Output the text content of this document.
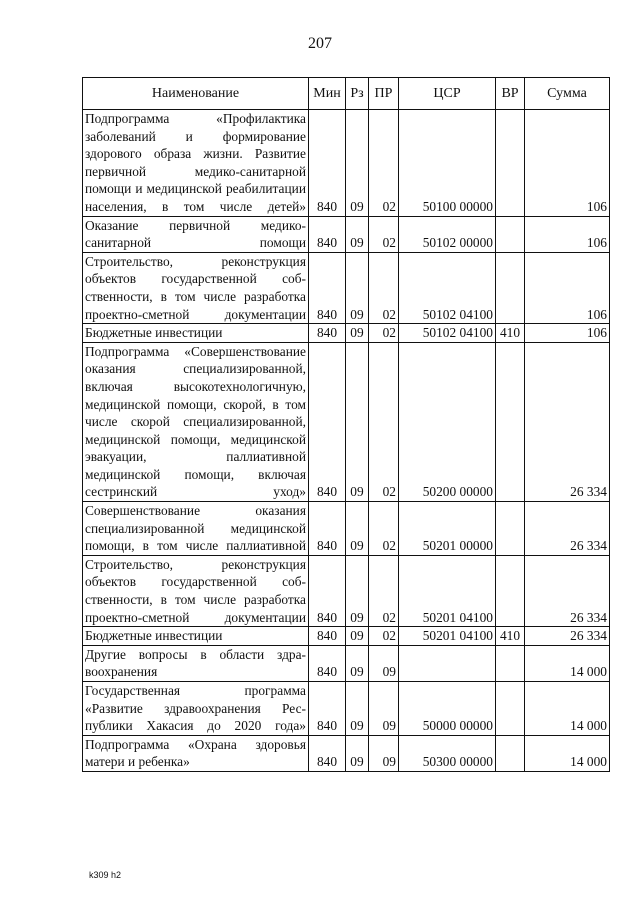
207
Наименование	Мин	Рз	ПР	ЦСР	ВР	Сумма
Подпрограмма «Профилактика заболеваний и формирование здорового образа жизни. Развитие первичной медико-санитарной помощи и медицинской реабилитации населения, в том числе детей»	840	09	02	50100 00000		106
Оказание первичной медико-санитарной помощи	840	09	02	50102 00000		106
Строительство, реконструкция объектов государственной собственности, в том числе разработка проектно-сметной документации	840	09	02	50102 04100		106
Бюджетные инвестиции	840	09	02	50102 04100	410	106
Подпрограмма «Совершенствование оказания специализированной, включая высокотехнологичную, медицинской помощи, скорой, в том числе скорой специализированной, медицинской помощи, медицинской эвакуации, паллиативной медицинской помощи, включая сестринский уход»	840	09	02	50200 00000		26 334
Совершенствование оказания специализированной медицинской помощи, в том числе паллиативной	840	09	02	50201 00000		26 334
Строительство, реконструкция объектов государственной собственности, в том числе разработка проектно-сметной документации	840	09	02	50201 04100		26 334
Бюджетные инвестиции	840	09	02	50201 04100	410	26 334
Другие вопросы в области здравоохранения	840	09	09			14 000
Государственная программа «Развитие здравоохранения Республики Хакасия до 2020 года»	840	09	09	50000 00000		14 000
Подпрограмма «Охрана здоровья матери и ребенка»	840	09	09	50300 00000		14 000
k309 h2
